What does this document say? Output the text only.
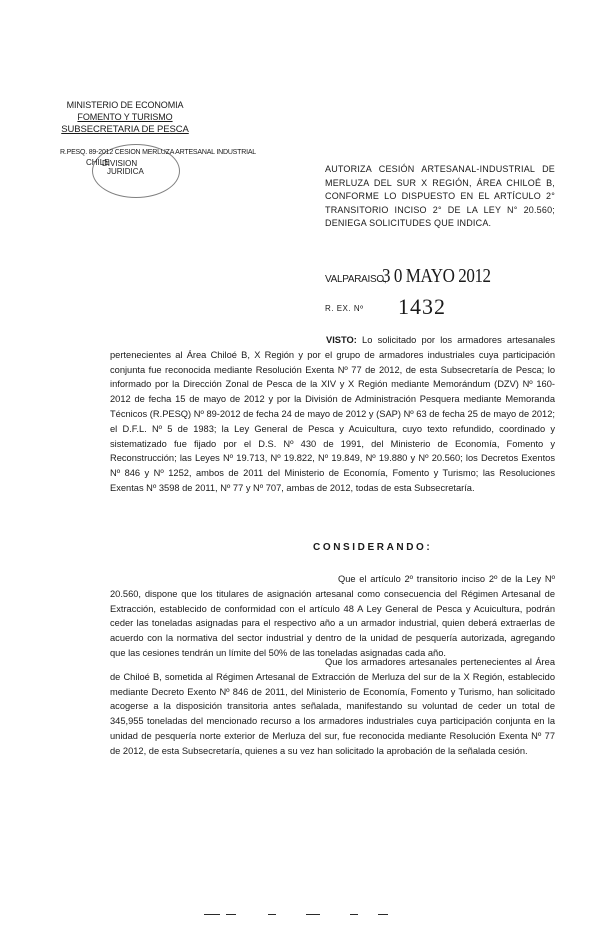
MINISTERIO DE ECONOMIA
FOMENTO Y TURISMO
SUBSECRETARIA DE PESCA
R.PESQ. 89-2012 CESION MERLUZA ARTESANAL INDUSTRIAL
CHILE
DIVISION
JURIDICA	AUTORIZA CESIÓN ARTESANAL-INDUSTRIAL DE MERLUZA DEL SUR X REGIÓN, ÁREA CHILOÉ B, CONFORME LO DISPUESTO EN EL ARTÍCULO 2° TRANSITORIO INCISO 2° DE LA LEY N° 20.560; DENIEGA SOLICITUDES QUE INDICA.
VALPARAISO,
3 0 MAYO 2012
R. EX. Nº 1432
VISTO: Lo solicitado por los armadores artesanales pertenecientes al Área Chiloé B, X Región y por el grupo de armadores industriales cuya participación conjunta fue reconocida mediante Resolución Exenta Nº 77 de 2012, de esta Subsecretaría de Pesca; lo informado por la Dirección Zonal de Pesca de la XIV y X Región mediante Memorándum (DZV) Nº 160-2012 de fecha 15 de mayo de 2012 y por la División de Administración Pesquera mediante Memoranda Técnicos (R.PESQ) Nº 89-2012 de fecha 24 de mayo de 2012 y (SAP) Nº 63 de fecha 25 de mayo de 2012; el D.F.L. Nº 5 de 1983; la Ley General de Pesca y Acuicultura, cuyo texto refundido, coordinado y sistematizado fue fijado por el D.S. Nº 430 de 1991, del Ministerio de Economía, Fomento y Reconstrucción; las Leyes Nº 19.713, Nº 19.822, Nº 19.849, Nº 19.880 y Nº 20.560; los Decretos Exentos Nº 846 y Nº 1252, ambos de 2011 del Ministerio de Economía, Fomento y Turismo; las Resoluciones Exentas Nº 3598 de 2011, Nº 77 y Nº 707, ambas de 2012, todas de esta Subsecretaría.
CONSIDERANDO:
Que el artículo 2º transitorio inciso 2º de la Ley Nº 20.560, dispone que los titulares de asignación artesanal como consecuencia del Régimen Artesanal de Extracción, establecido de conformidad con el artículo 48 A Ley General de Pesca y Acuicultura, podrán ceder las toneladas asignadas para el respectivo año a un armador industrial, quien deberá extraerlas de acuerdo con la normativa del sector industrial y dentro de la unidad de pesquería autorizada, agregando que las cesiones tendrán un límite del 50% de las toneladas asignadas cada año.
Que los armadores artesanales pertenecientes al Área de Chiloé B, sometida al Régimen Artesanal de Extracción de Merluza del sur de la X Región, establecido mediante Decreto Exento Nº 846 de 2011, del Ministerio de Economía, Fomento y Turismo, han solicitado acogerse a la disposición transitoria antes señalada, manifestando su voluntad de ceder un total de 345,955 toneladas del mencionado recurso a los armadores industriales cuya participación conjunta en la unidad de pesquería norte exterior de Merluza del sur, fue reconocida mediante Resolución Exenta Nº 77 de 2012, de esta Subsecretaría, quienes a su vez han solicitado la aprobación de la señalada cesión.
